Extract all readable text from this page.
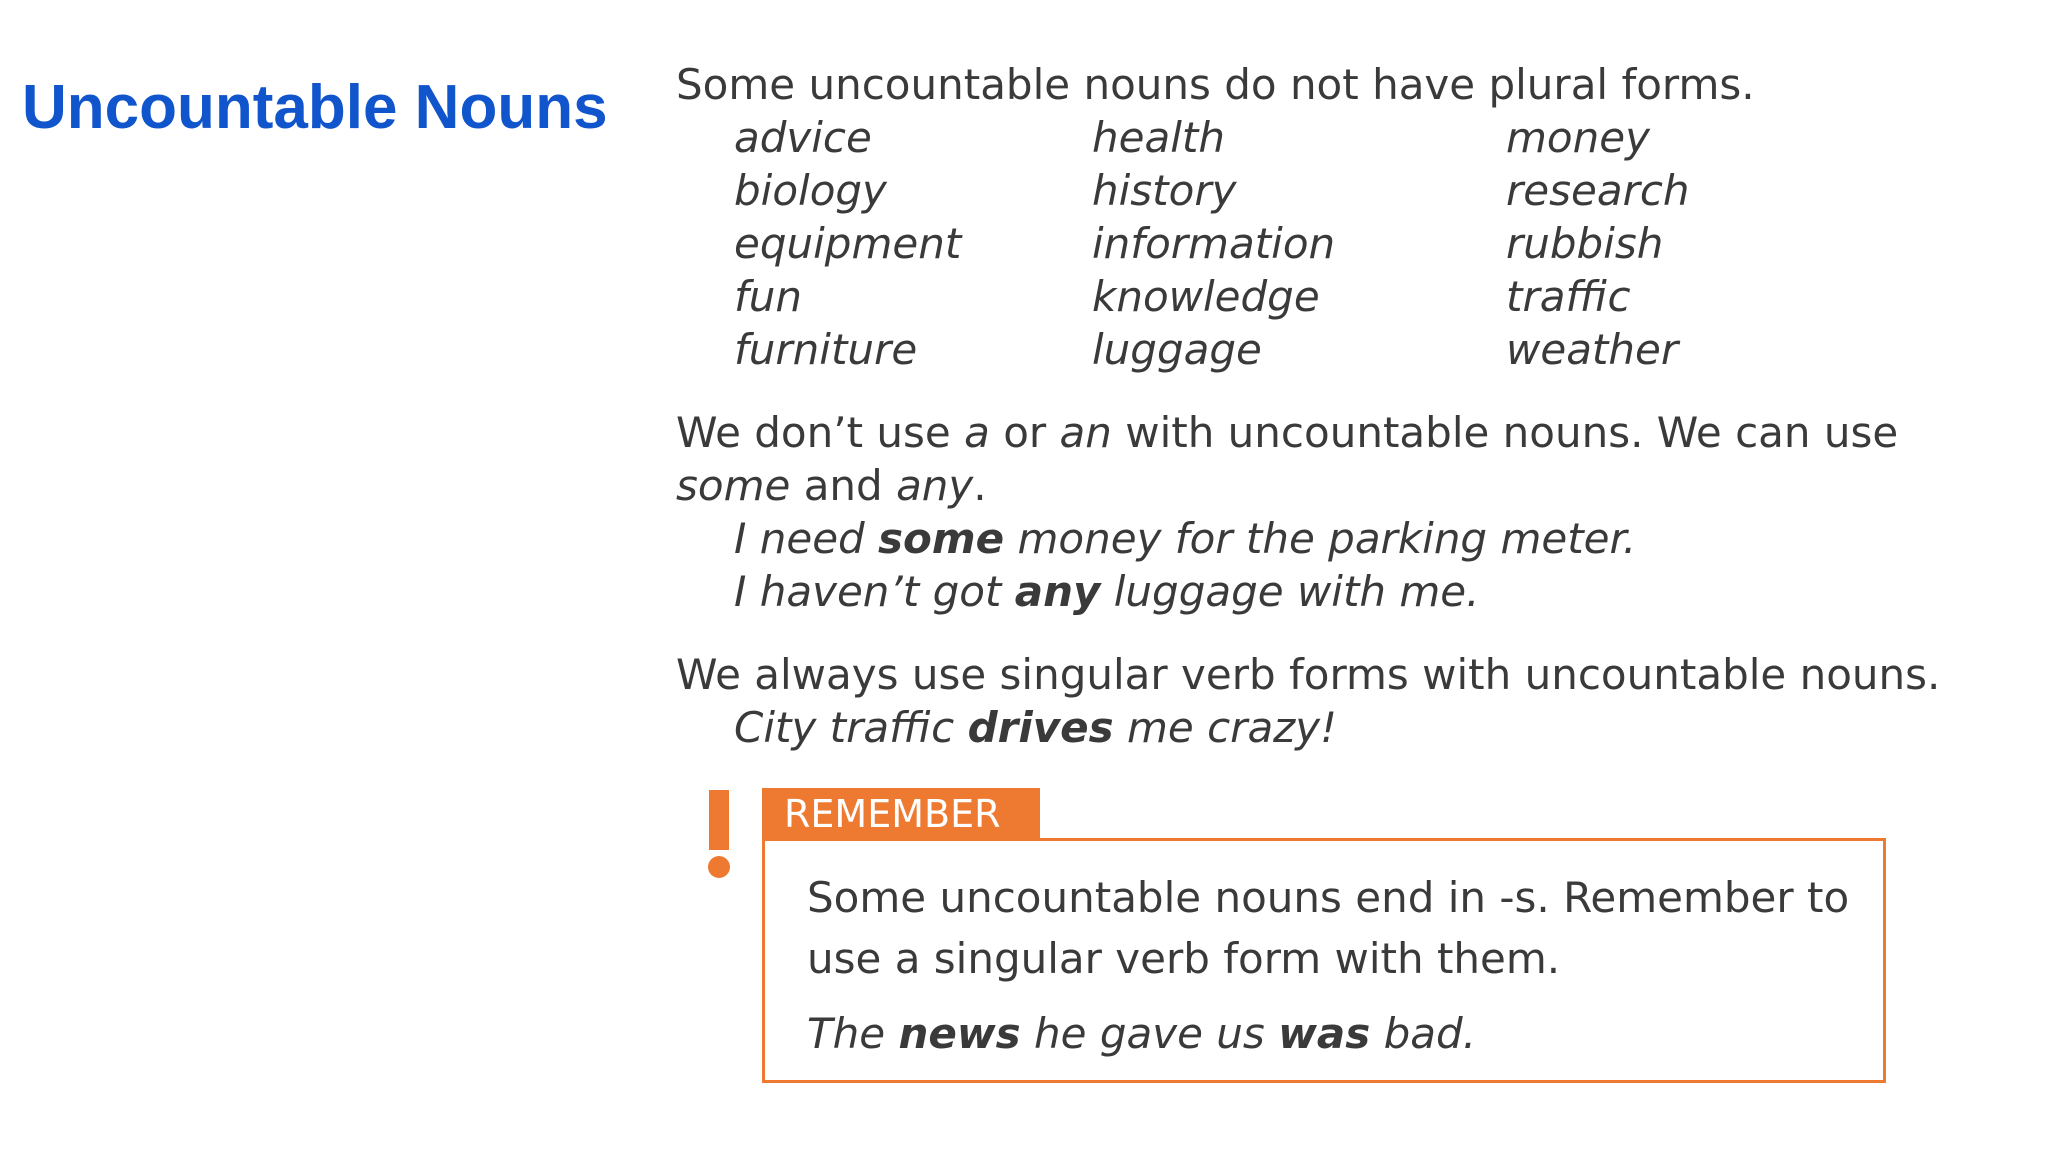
Uncountable Nouns Some uncountable nouns do not have plural forms.
advice	health	money
biology	history	research
equipment	information	rubbish
fun	knowledge	traffic
furniture	luggage	weather
We don’t use a or an with uncountable nouns. We can use
some and any.
I need some money for the parking meter.
I haven’t got any luggage with me.
We always use singular verb forms with uncountable nouns.
City traffic drives me crazy!
REMEMBER
Some uncountable nouns end in -s. Remember to
use a singular verb form with them.
The news he gave us was bad.
